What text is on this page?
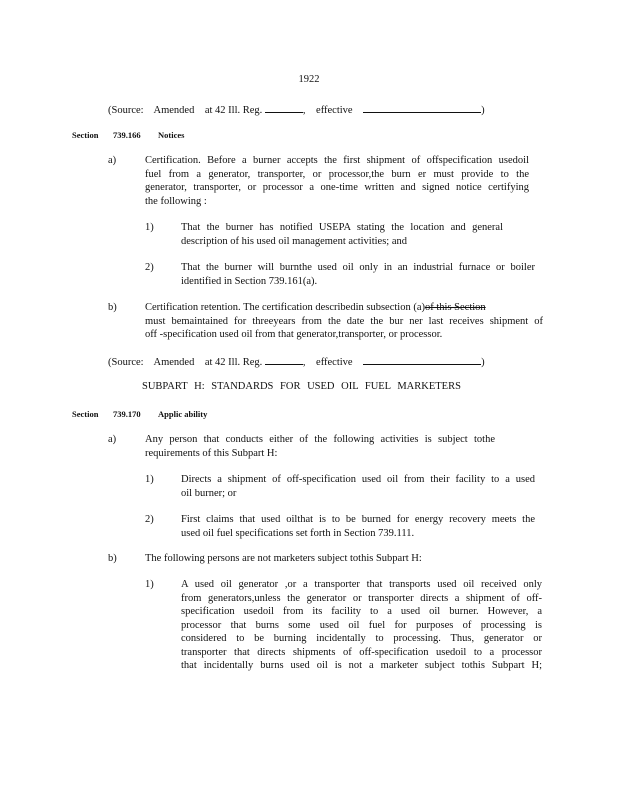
1922
(Source: Amended at 42 Ill. Reg.	, effective	)
Section 739.166 Notices
a)	Certification. Before a burner accepts the first shipment of offspecification usedoil
fuel from a generator, transporter, or processor,the burn er must provide to the
generator, transporter, or processor a one-time written and signed notice certifying
the following :
1)	That the burner has notified USEPA stating the location and general
description of his used oil management activities; and
2)	That the burner will burnthe used oil only in an industrial furnace or boiler
identified in Section 739.161(a).
b)	Certification retention. The certification describedin subsection (a)of this Section
must bemaintained for threeyears from the date the bur ner last receives shipment of
off -specification used oil from that generator,transporter, or processor.
(Source: Amended at 42 Ill. Reg.	, effective	)
SUBPART H: STANDARDS FOR USED OIL FUEL MARKETERS
Section 739.170 Applic ability
a)	Any person that conducts either of the following activities is subject tothe
requirements of this Subpart H:
1)	Directs a shipment of off-specification used oil from their facility to a used
oil burner; or
2)	First claims that used oilthat is to be burned for energy recovery meets the
used oil fuel specifications set forth in Section 739.111.
b)	The following persons are not marketers subject tothis Subpart H:
1)	A used oil generator ,or a transporter that transports used oil received only
from generators,unless the generator or transporter directs a shipment of off-
specification usedoil from its facility to a used oil burner. However, a
processor that burns some used oil fuel for purposes of processing is
considered to be burning incidentally to processing. Thus, generator or
transporter that directs shipments of off-specification usedoil to a processor
that incidentally burns used oil is not a marketer subject tothis Subpart H;
